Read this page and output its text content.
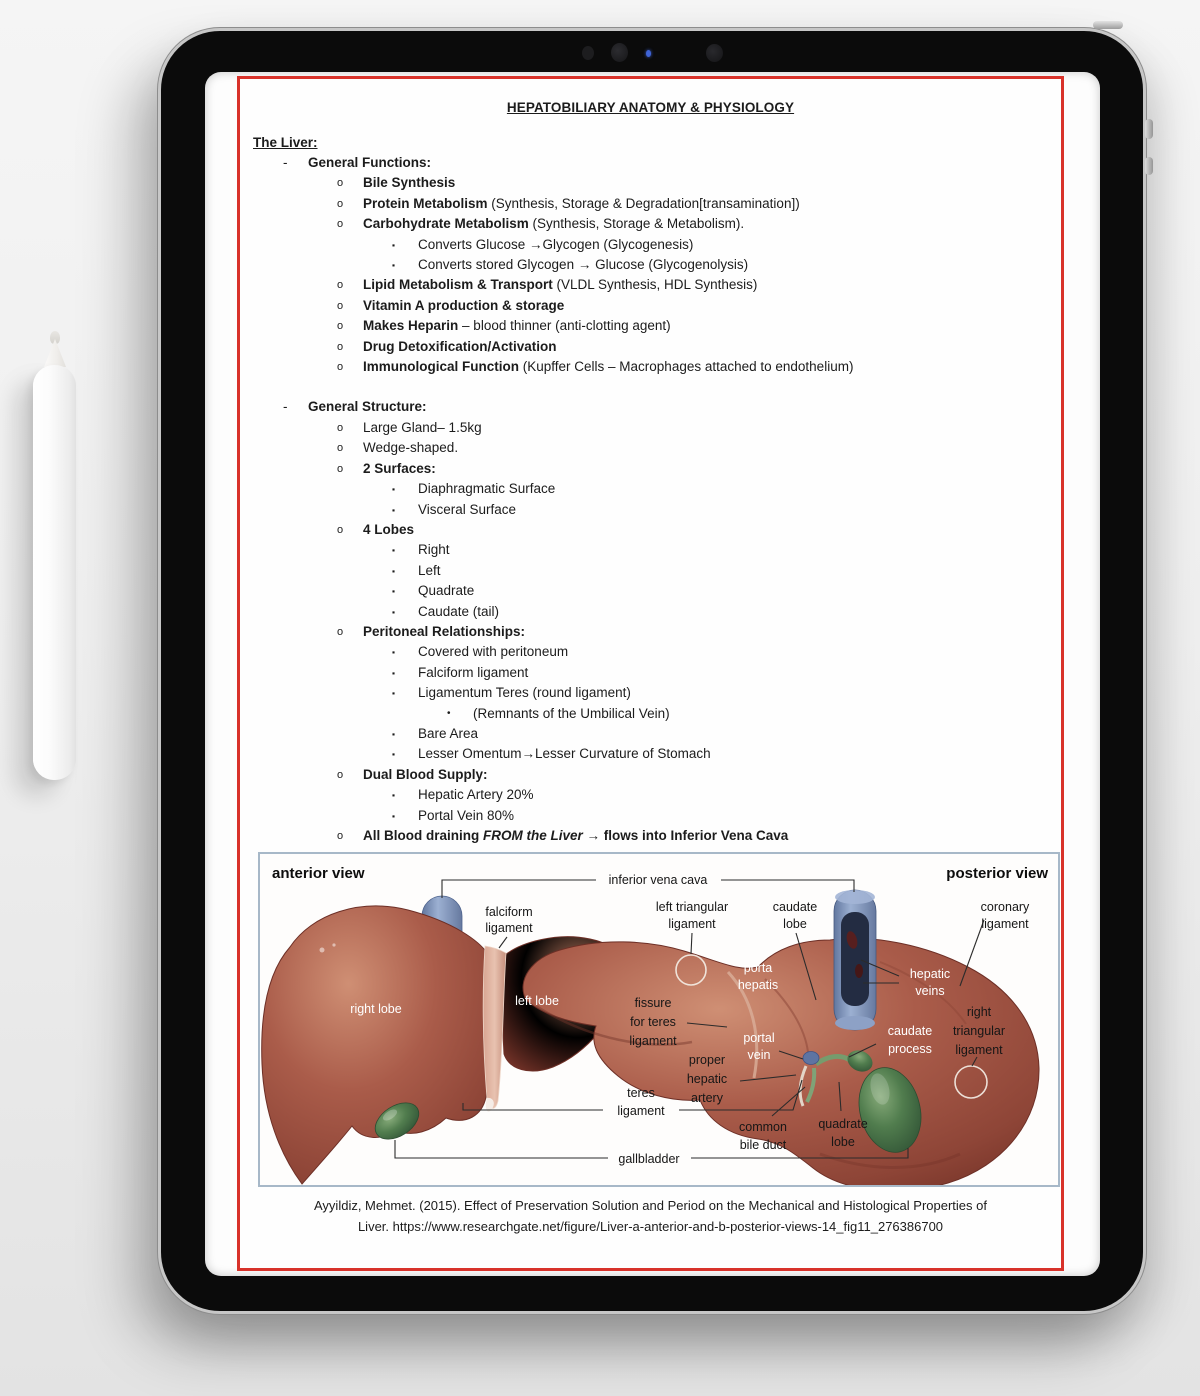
HEPATOBILIARY ANATOMY & PHYSIOLOGY
The Liver:
- General Functions:
o Bile Synthesis
o Protein Metabolism (Synthesis, Storage & Degradation[transamination])
o Carbohydrate Metabolism (Synthesis, Storage & Metabolism).
▪ Converts Glucose →Glycogen (Glycogenesis)
▪ Converts stored Glycogen → Glucose (Glycogenolysis)
o Lipid Metabolism & Transport (VLDL Synthesis, HDL Synthesis)
o Vitamin A production & storage
o Makes Heparin – blood thinner (anti-clotting agent)
o Drug Detoxification/Activation
o Immunological Function (Kupffer Cells – Macrophages attached to endothelium)
- General Structure:
o Large Gland– 1.5kg
o Wedge-shaped.
o 2 Surfaces:
▪ Diaphragmatic Surface
▪ Visceral Surface
o 4 Lobes
▪ Right
▪ Left
▪ Quadrate
▪ Caudate (tail)
o Peritoneal Relationships:
▪ Covered with peritoneum
▪ Falciform ligament
▪ Ligamentum Teres (round ligament)
• (Remnants of the Umbilical Vein)
▪ Bare Area
▪ Lesser Omentum→Lesser Curvature of Stomach
o Dual Blood Supply:
▪ Hepatic Artery 20%
▪ Portal Vein 80%
o All Blood draining FROM the Liver → flows into Inferior Vena Cava
anterior view	posterior view
inferior vena cava
falciform
ligament
left triangular
ligament
caudate
lobe
coronary
ligament
porta
hepatis
hepatic
veins
right lobe
left lobe	fissure
for teres
ligament	portal
vein
caudate
process
right
triangular
ligament
proper
hepatic
artery
teres
ligament
common
bile duct
quadrate
lobe
gallbladder
Ayyildiz, Mehmet. (2015). Effect of Preservation Solution and Period on the Mechanical and Histological Properties of
Liver. https://www.researchgate.net/figure/Liver-a-anterior-and-b-posterior-views-14_fig11_276386700
